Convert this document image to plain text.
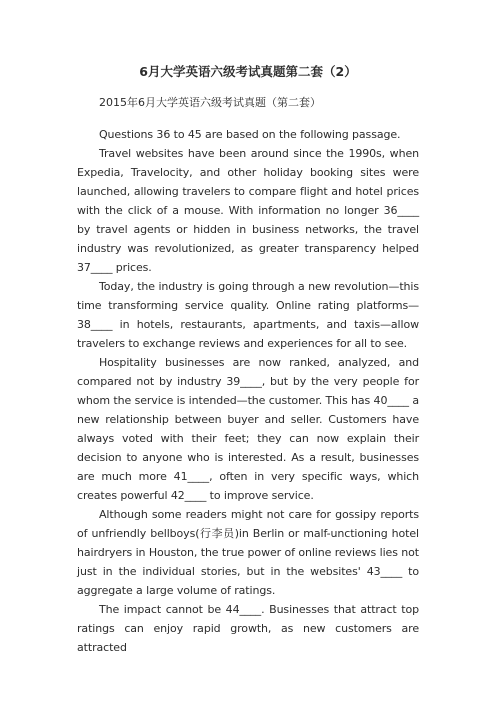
6月大学英语六级考试真题第二套（2）
2015年6月大学英语六级考试真题（第二套）

Questions 36 to 45 are based on the following passage.

Travel websites have been around since the 1990s, when Expedia, Travelocity, and other holiday booking sites were launched, allowing travelers to compare flight and hotel prices with the click of a mouse. With information no longer 36____ by travel agents or hidden in business networks, the travel industry was revolutionized, as greater transparency helped 37____ prices.

Today, the industry is going through a new revolution—this time transforming service quality. Online rating platforms—38____ in hotels, restaurants, apartments, and taxis—allow travelers to exchange reviews and experiences for all to see.

Hospitality businesses are now ranked, analyzed, and compared not by industry 39____, but by the very people for whom the service is intended—the customer. This has 40____ a new relationship between buyer and seller. Customers have always voted with their feet; they can now explain their decision to anyone who is interested. As a result, businesses are much more 41____, often in very specific ways, which creates powerful 42____ to improve service.

Although some readers might not care for gossipy reports of unfriendly bellboys(行李员)in Berlin or malf-unctioning hotel hairdryers in Houston, the true power of online reviews lies not just in the individual stories, but in the websites' 43____ to aggregate a large volume of ratings.

The impact cannot be 44____. Businesses that attract top ratings can enjoy rapid growth, as new customers are attracted
